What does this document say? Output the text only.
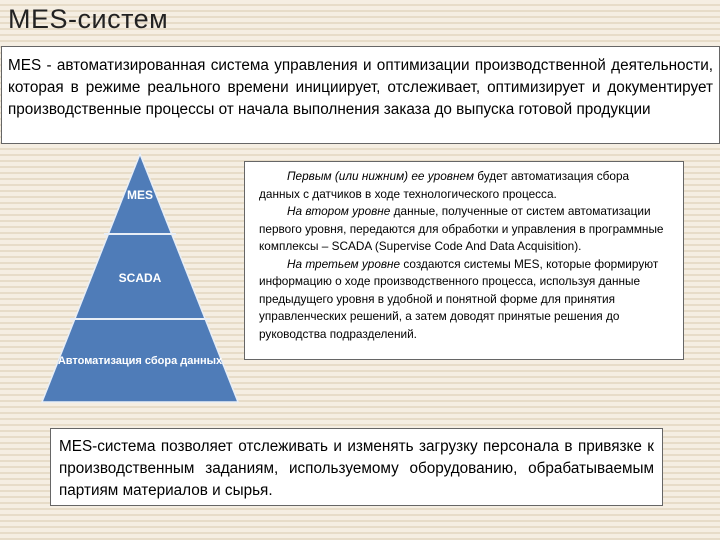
MES-систем
MES - автоматизированная система управления и оптимизации производственной деятельности, которая в режиме реального времени инициирует, отслеживает, оптимизирует и документирует производственные процессы от начала выполнения заказа до выпуска готовой продукции
MES
SCADA
Автоматизация сбора данных

Первым (или нижним) ее уровнем будет автоматизация сбора данных с датчиков в ходе технологического процесса.

На втором уровне данные, полученные от систем автоматизации первого уровня, передаются для обработки и управления в программные комплексы – SCADA (Supervise Code And Data Acquisition).

На третьем уровне создаются системы MES, которые формируют информацию о ходе производственного процесса, используя данные предыдущего уровня в удобной и понятной форме для принятия управленческих решений, а затем доводят принятые решения до руководства подразделений.

MES-система позволяет отслеживать и изменять загрузку персонала в привязке к производственным заданиям, используемому оборудованию, обрабатываемым партиям материалов и сырья.
